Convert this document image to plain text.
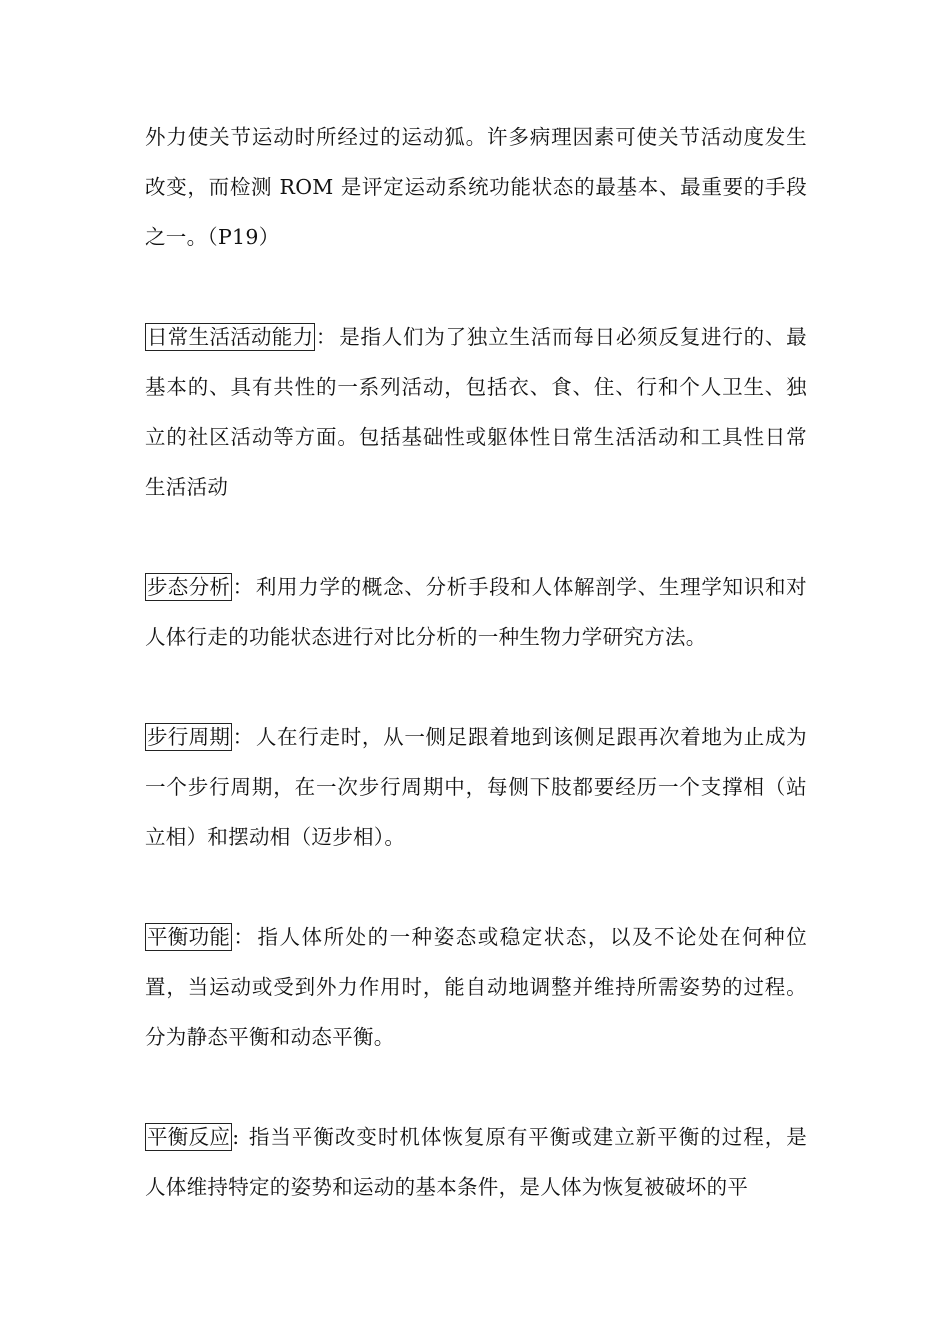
外力使关节运动时所经过的运动狐。许多病理因素可使关节活动度发生改变，而检测 ROM 是评定运动系统功能状态的最基本、最重要的手段之一。（P19）

日常生活活动能力：是指人们为了独立生活而每日必须反复进行的、最基本的、具有共性的一系列活动，包括衣、食、住、行和个人卫生、独立的社区活动等方面。包括基础性或躯体性日常生活活动和工具性日常生活活动

步态分析：利用力学的概念、分析手段和人体解剖学、生理学知识和对人体行走的功能状态进行对比分析的一种生物力学研究方法。

步行周期：人在行走时，从一侧足跟着地到该侧足跟再次着地为止成为一个步行周期，在一次步行周期中，每侧下肢都要经历一个支撑相（站立相）和摆动相（迈步相）。

平衡功能：指人体所处的一种姿态或稳定状态，以及不论处在何种位置，当运动或受到外力作用时，能自动地调整并维持所需姿势的过程。分为静态平衡和动态平衡。

平衡反应: 指当平衡改变时机体恢复原有平衡或建立新平衡的过程，是人体维持特定的姿势和运动的基本条件，是人体为恢复被破坏的平
